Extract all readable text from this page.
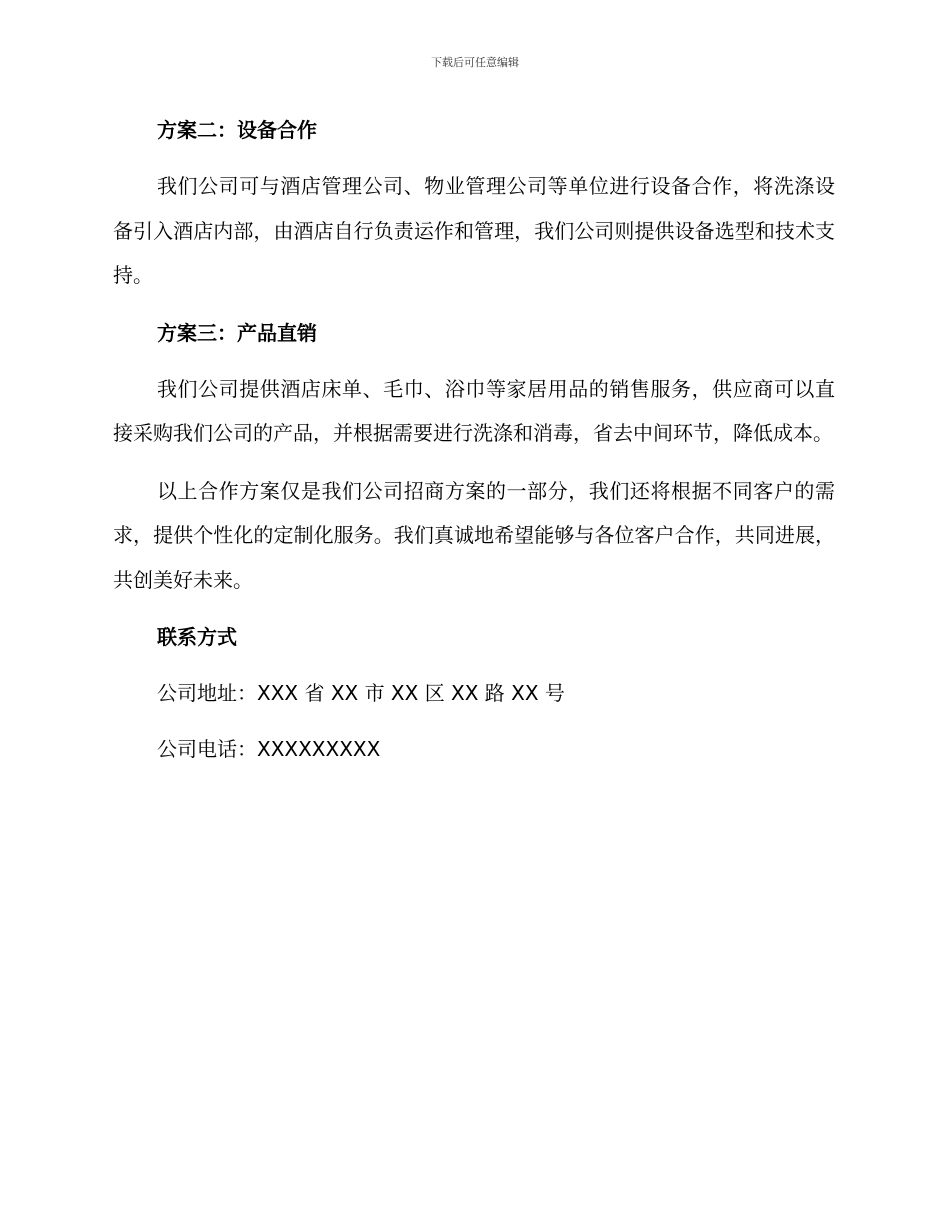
下载后可任意编辑
方案二：设备合作

我们公司可与酒店管理公司、物业管理公司等单位进行设备合作，将洗涤设备引入酒店内部，由酒店自行负责运作和管理，我们公司则提供设备选型和技术支持。

方案三：产品直销

我们公司提供酒店床单、毛巾、浴巾等家居用品的销售服务，供应商可以直接采购我们公司的产品，并根据需要进行洗涤和消毒，省去中间环节，降低成本。

以上合作方案仅是我们公司招商方案的一部分，我们还将根据不同客户的需求，提供个性化的定制化服务。我们真诚地希望能够与各位客户合作，共同进展，共创美好未来。

联系方式

公司地址：XXX 省 XX 市 XX 区 XX 路 XX 号

公司电话：XXXXXXXXX
